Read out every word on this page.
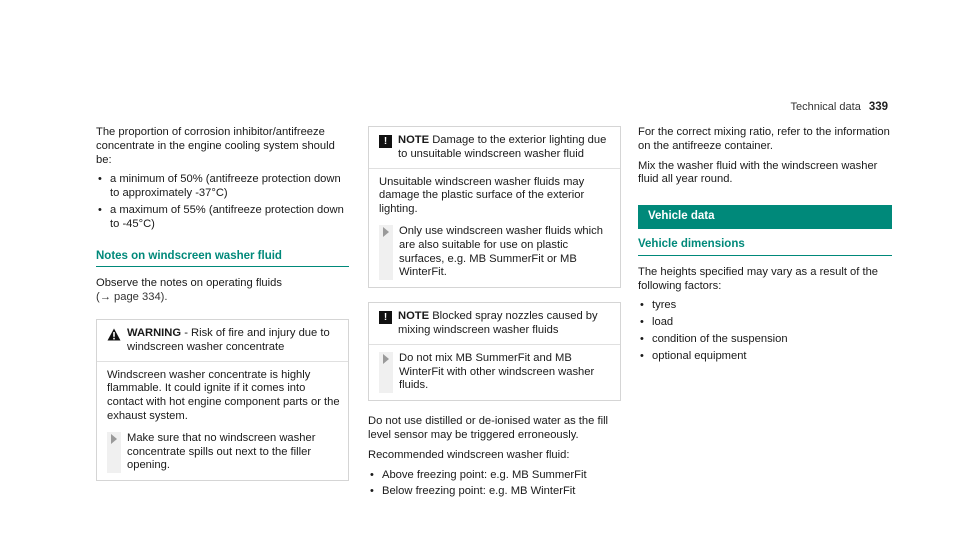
Technical data 339

The proportion of corrosion inhibitor/antifreeze concentrate in the engine cooling system should be:

• a minimum of 50% (antifreeze protection down to approximately -37°C)
• a maximum of 55% (antifreeze protection down to -45°C)
Notes on windscreen washer fluid

Observe the notes on operating fluids
(→ page 334).

WARNING - Risk of fire and injury due to windscreen washer concentrate

Windscreen washer concentrate is highly flammable. It could ignite if it comes into contact with hot engine component parts or the exhaust system.

Make sure that no windscreen washer concentrate spills out next to the filler opening.
! NOTE Damage to the exterior lighting due to unsuitable windscreen washer fluid

Unsuitable windscreen washer fluids may damage the plastic surface of the exterior lighting.

Only use windscreen washer fluids which are also suitable for use on plastic surfaces, e.g. MB SummerFit or MB WinterFit.
! NOTE Blocked spray nozzles caused by mixing windscreen washer fluids
Do not mix MB SummerFit and MB WinterFit with other windscreen washer fluids.

Do not use distilled or de-ionised water as the fill level sensor may be triggered erroneously.

Recommended windscreen washer fluid:

• Above freezing point: e.g. MB SummerFit
• Below freezing point: e.g. MB WinterFit

For the correct mixing ratio, refer to the information on the antifreeze container.

Mix the washer fluid with the windscreen washer fluid all year round.

Vehicle data
Vehicle dimensions

The heights specified may vary as a result of the following factors:

• tyres
• load
• condition of the suspension
• optional equipment
